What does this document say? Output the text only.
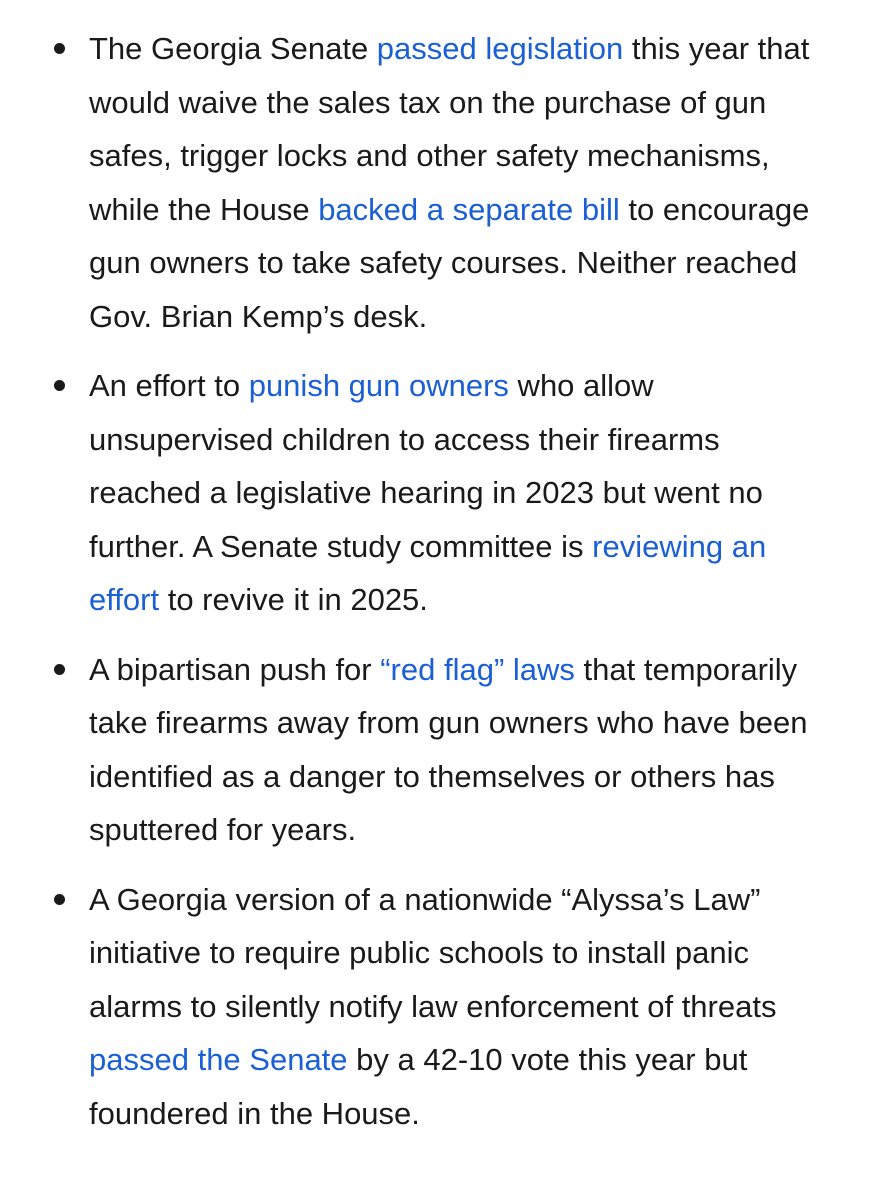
The Georgia Senate passed legislation this year that would waive the sales tax on the purchase of gun safes, trigger locks and other safety mechanisms, while the House backed a separate bill to encourage gun owners to take safety courses. Neither reached Gov. Brian Kemp’s desk.

An effort to punish gun owners who allow unsupervised children to access their firearms reached a legislative hearing in 2023 but went no further. A Senate study committee is reviewing an effort to revive it in 2025.

A bipartisan push for “red flag” laws that temporarily take firearms away from gun owners who have been identified as a danger to themselves or others has sputtered for years.

A Georgia version of a nationwide “Alyssa’s Law” initiative to require public schools to install panic alarms to silently notify law enforcement of threats passed the Senate by a 42-10 vote this year but foundered in the House.
